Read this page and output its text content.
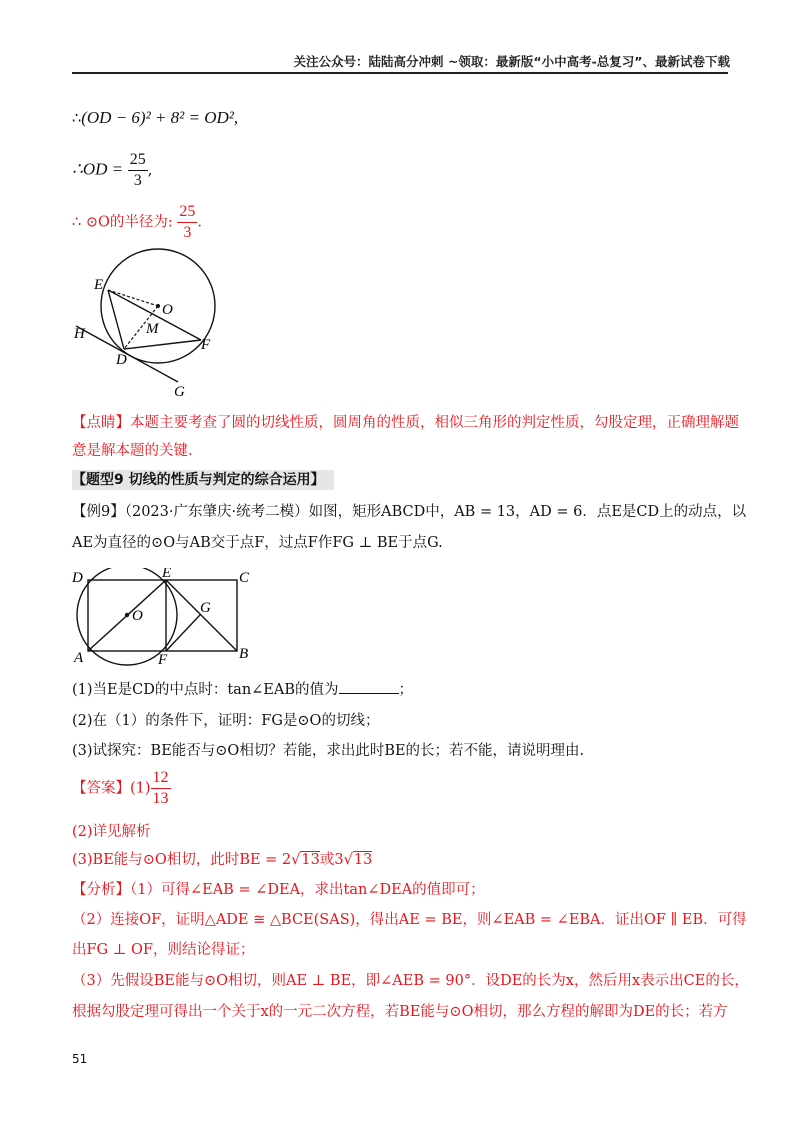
关注公众号：陆陆高分冲刺 ~领取：最新版“小中高考-总复习”、最新试卷下载
∴(OD − 6)² + 8² = OD²,
∴OD = $\frac{25}{3}$ ,
∴ ⊙O的半径为: $\frac{25}{3}$ .
E
O
M
H
D
F
G
【点睛】本题主要考查了圆的切线性质，圆周角的性质，相似三角形的判定性质，勾股定理，正确理解题
意是解本题的关键.
【题型9 切线的性质与判定的综合运用】
【例9】（2023·广东肇庆·统考二模）如图，矩形ABCD中，AB = 13，AD = 6．点E是CD上的动点，以
AE为直径的⊙O与AB交于点F，过点F作FG ⊥ BE于点G.
D	E	C
O	G
A	F	B
(1)当E是CD的中点时：tan∠EAB的值为	；
(2)在（1）的条件下，证明：FG是⊙O的切线；
(3)试探究：BE能否与⊙O相切？若能，求出此时BE的长；若不能，请说明理由.
【答案】$(1) \frac{12}{13}$
(2)详见解析
(3)BE能与⊙O相切，此时BE = 2√13或3√13
【分析】（1）可得∠EAB = ∠DEA，求出tan∠DEA的值即可；
（2）连接OF，证明△ADE ≅ △BCE(SAS)，得出AE = BE，则∠EAB = ∠EBA．证出OF ∥ EB．可得
出FG ⊥ OF，则结论得证；
（3）先假设BE能与⊙O相切，则AE ⊥ BE，即∠AEB = 90°．设DE的长为x，然后用x表示出CE的长，
根据勾股定理可得出一个关于x的一元二次方程，若BE能与⊙O相切，那么方程的解即为DE的长；若方
51
